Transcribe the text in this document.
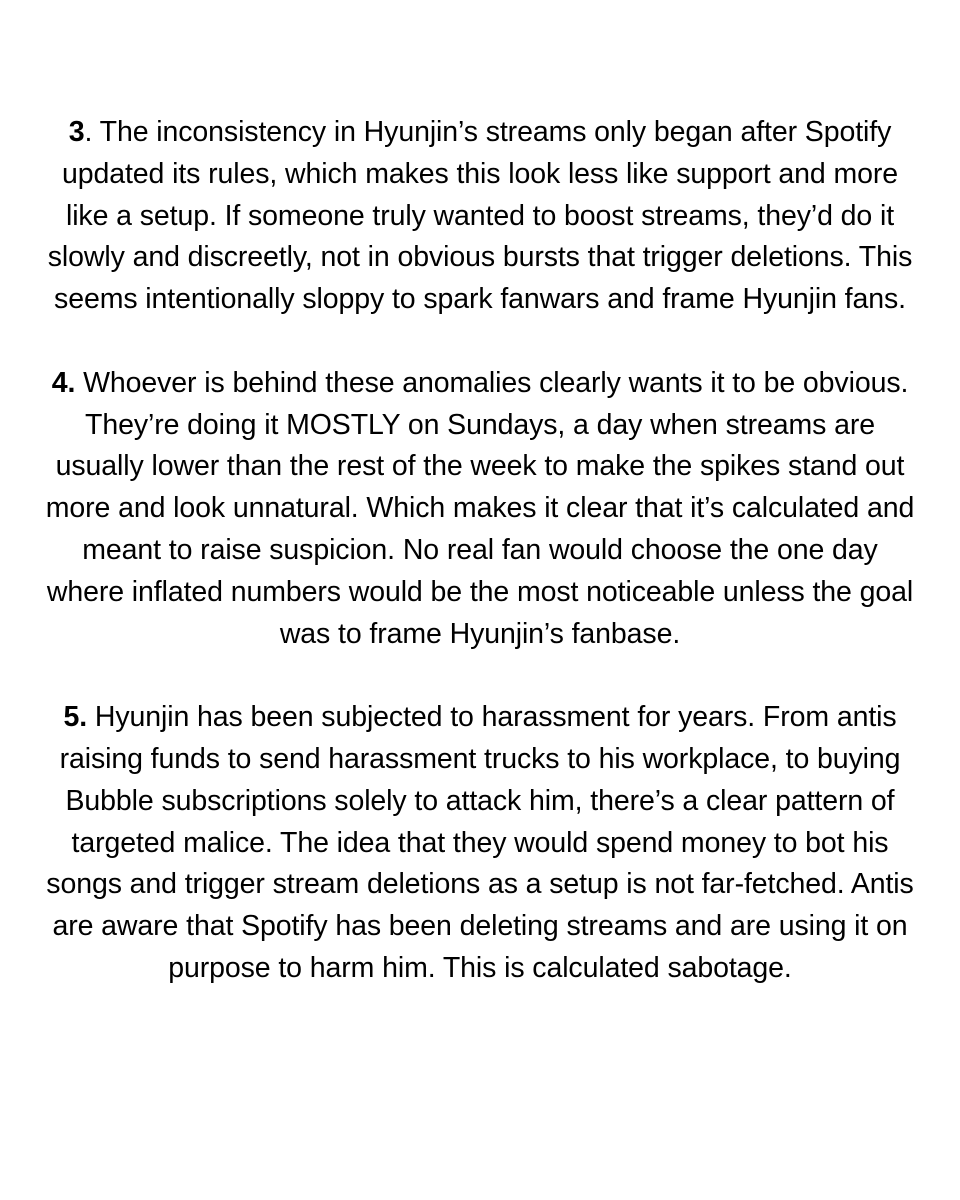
3. The inconsistency in Hyunjin’s streams only began after Spotify updated its rules, which makes this look less like support and more like a setup. If someone truly wanted to boost streams, they’d do it slowly and discreetly, not in obvious bursts that trigger deletions. This seems intentionally sloppy to spark fanwars and frame Hyunjin fans.

4. Whoever is behind these anomalies clearly wants it to be obvious. They’re doing it MOSTLY on Sundays, a day when streams are usually lower than the rest of the week to make the spikes stand out more and look unnatural. Which makes it clear that it’s calculated and meant to raise suspicion. No real fan would choose the one day where inflated numbers would be the most noticeable unless the goal was to frame Hyunjin’s fanbase.

5. Hyunjin has been subjected to harassment for years. From antis raising funds to send harassment trucks to his workplace, to buying Bubble subscriptions solely to attack him, there’s a clear pattern of targeted malice. The idea that they would spend money to bot his songs and trigger stream deletions as a setup is not far-fetched. Antis are aware that Spotify has been deleting streams and are using it on purpose to harm him. This is calculated sabotage.
